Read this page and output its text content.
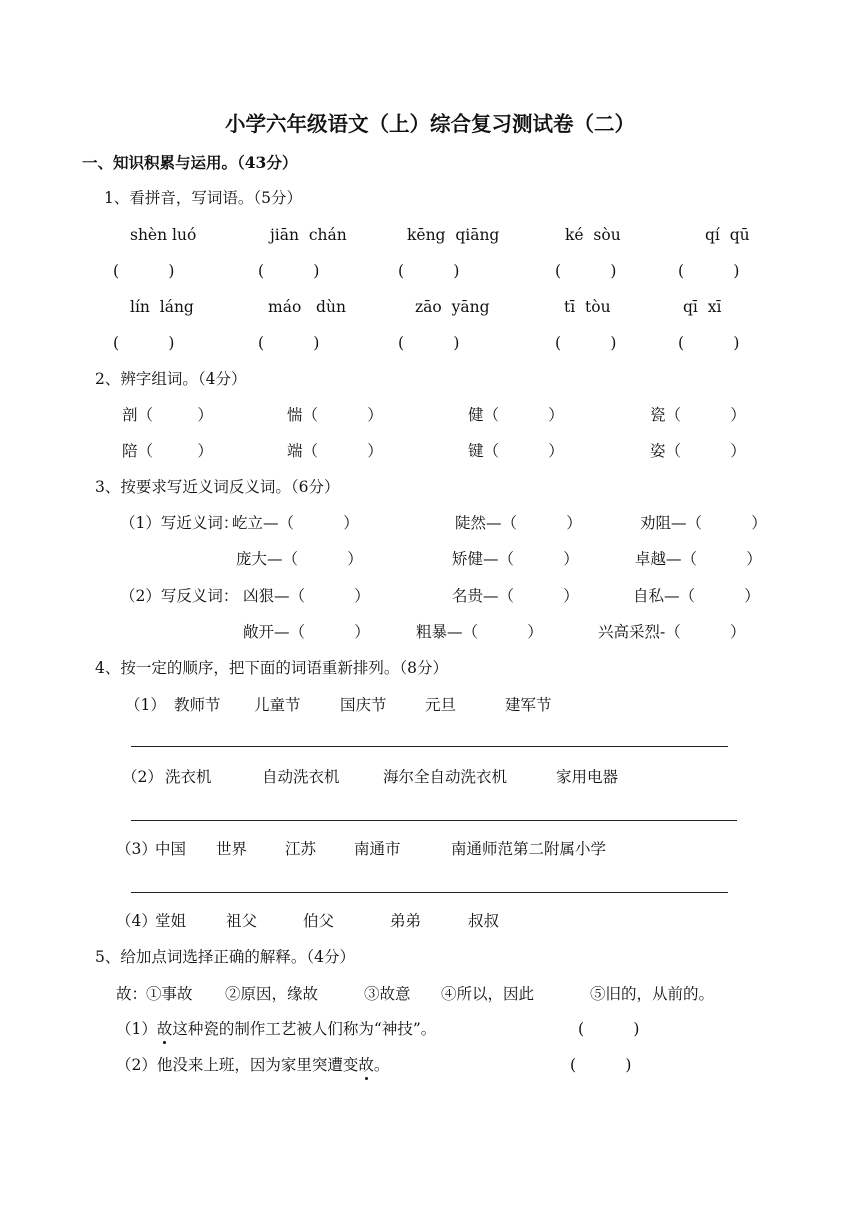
小学六年级语文（上）综合复习测试卷（二）
一、知识积累与运用。（43分）
1、看拼音，写词语。（5分）
shèn luó	jiān  chán	kēng  qiāng	ké  sòu	qí  qū
(          )	(          )	(          )	(          )	(          )
lín  láng	máo   dùn	zāo  yāng	tī  tòu	qī  xī
(          )	(          )	(          )	(          )	(          )
2、辨字组词。（4分）
剖（         ）	惴（          ）	健（          ）	瓷（          ）
陪（         ）	端（          ）	键（          ）	姿（          ）
3、按要求写近义词反义词。（6分）
（1）写近义词：
屹立—（          ）	陡然—（          ）	劝阻—（          ）
庞大—（          ）	矫健—（          ）	卓越—（          ）
（2）写反义词： 凶狠—（          ）	名贵—（          ）	自私—（          ）
敞开—（          ）	粗暴—（          ）	兴高采烈-（          ）
4、按一定的顺序，把下面的词语重新排列。（8分）
（1） 教师节 儿童节	国庆节 元旦	建军节
（2） 洗衣机	自动洗衣机	海尔全自动洗衣机	家用电器
（3）
中国 世界 江苏 南通市	南通师范第二附属小学
（4）
堂姐	祖父	伯父	弟弟	叔叔
5、给加点词选择正确的解释。（4分）
故：
①事故 ②原因，缘故	③故意 ④所以，因此	⑤旧的，从前的。
（1）故这种瓷的制作工艺被人们称为“神技”。	(          )
（2）他没来上班，因为家里突遭变故。	(          )
